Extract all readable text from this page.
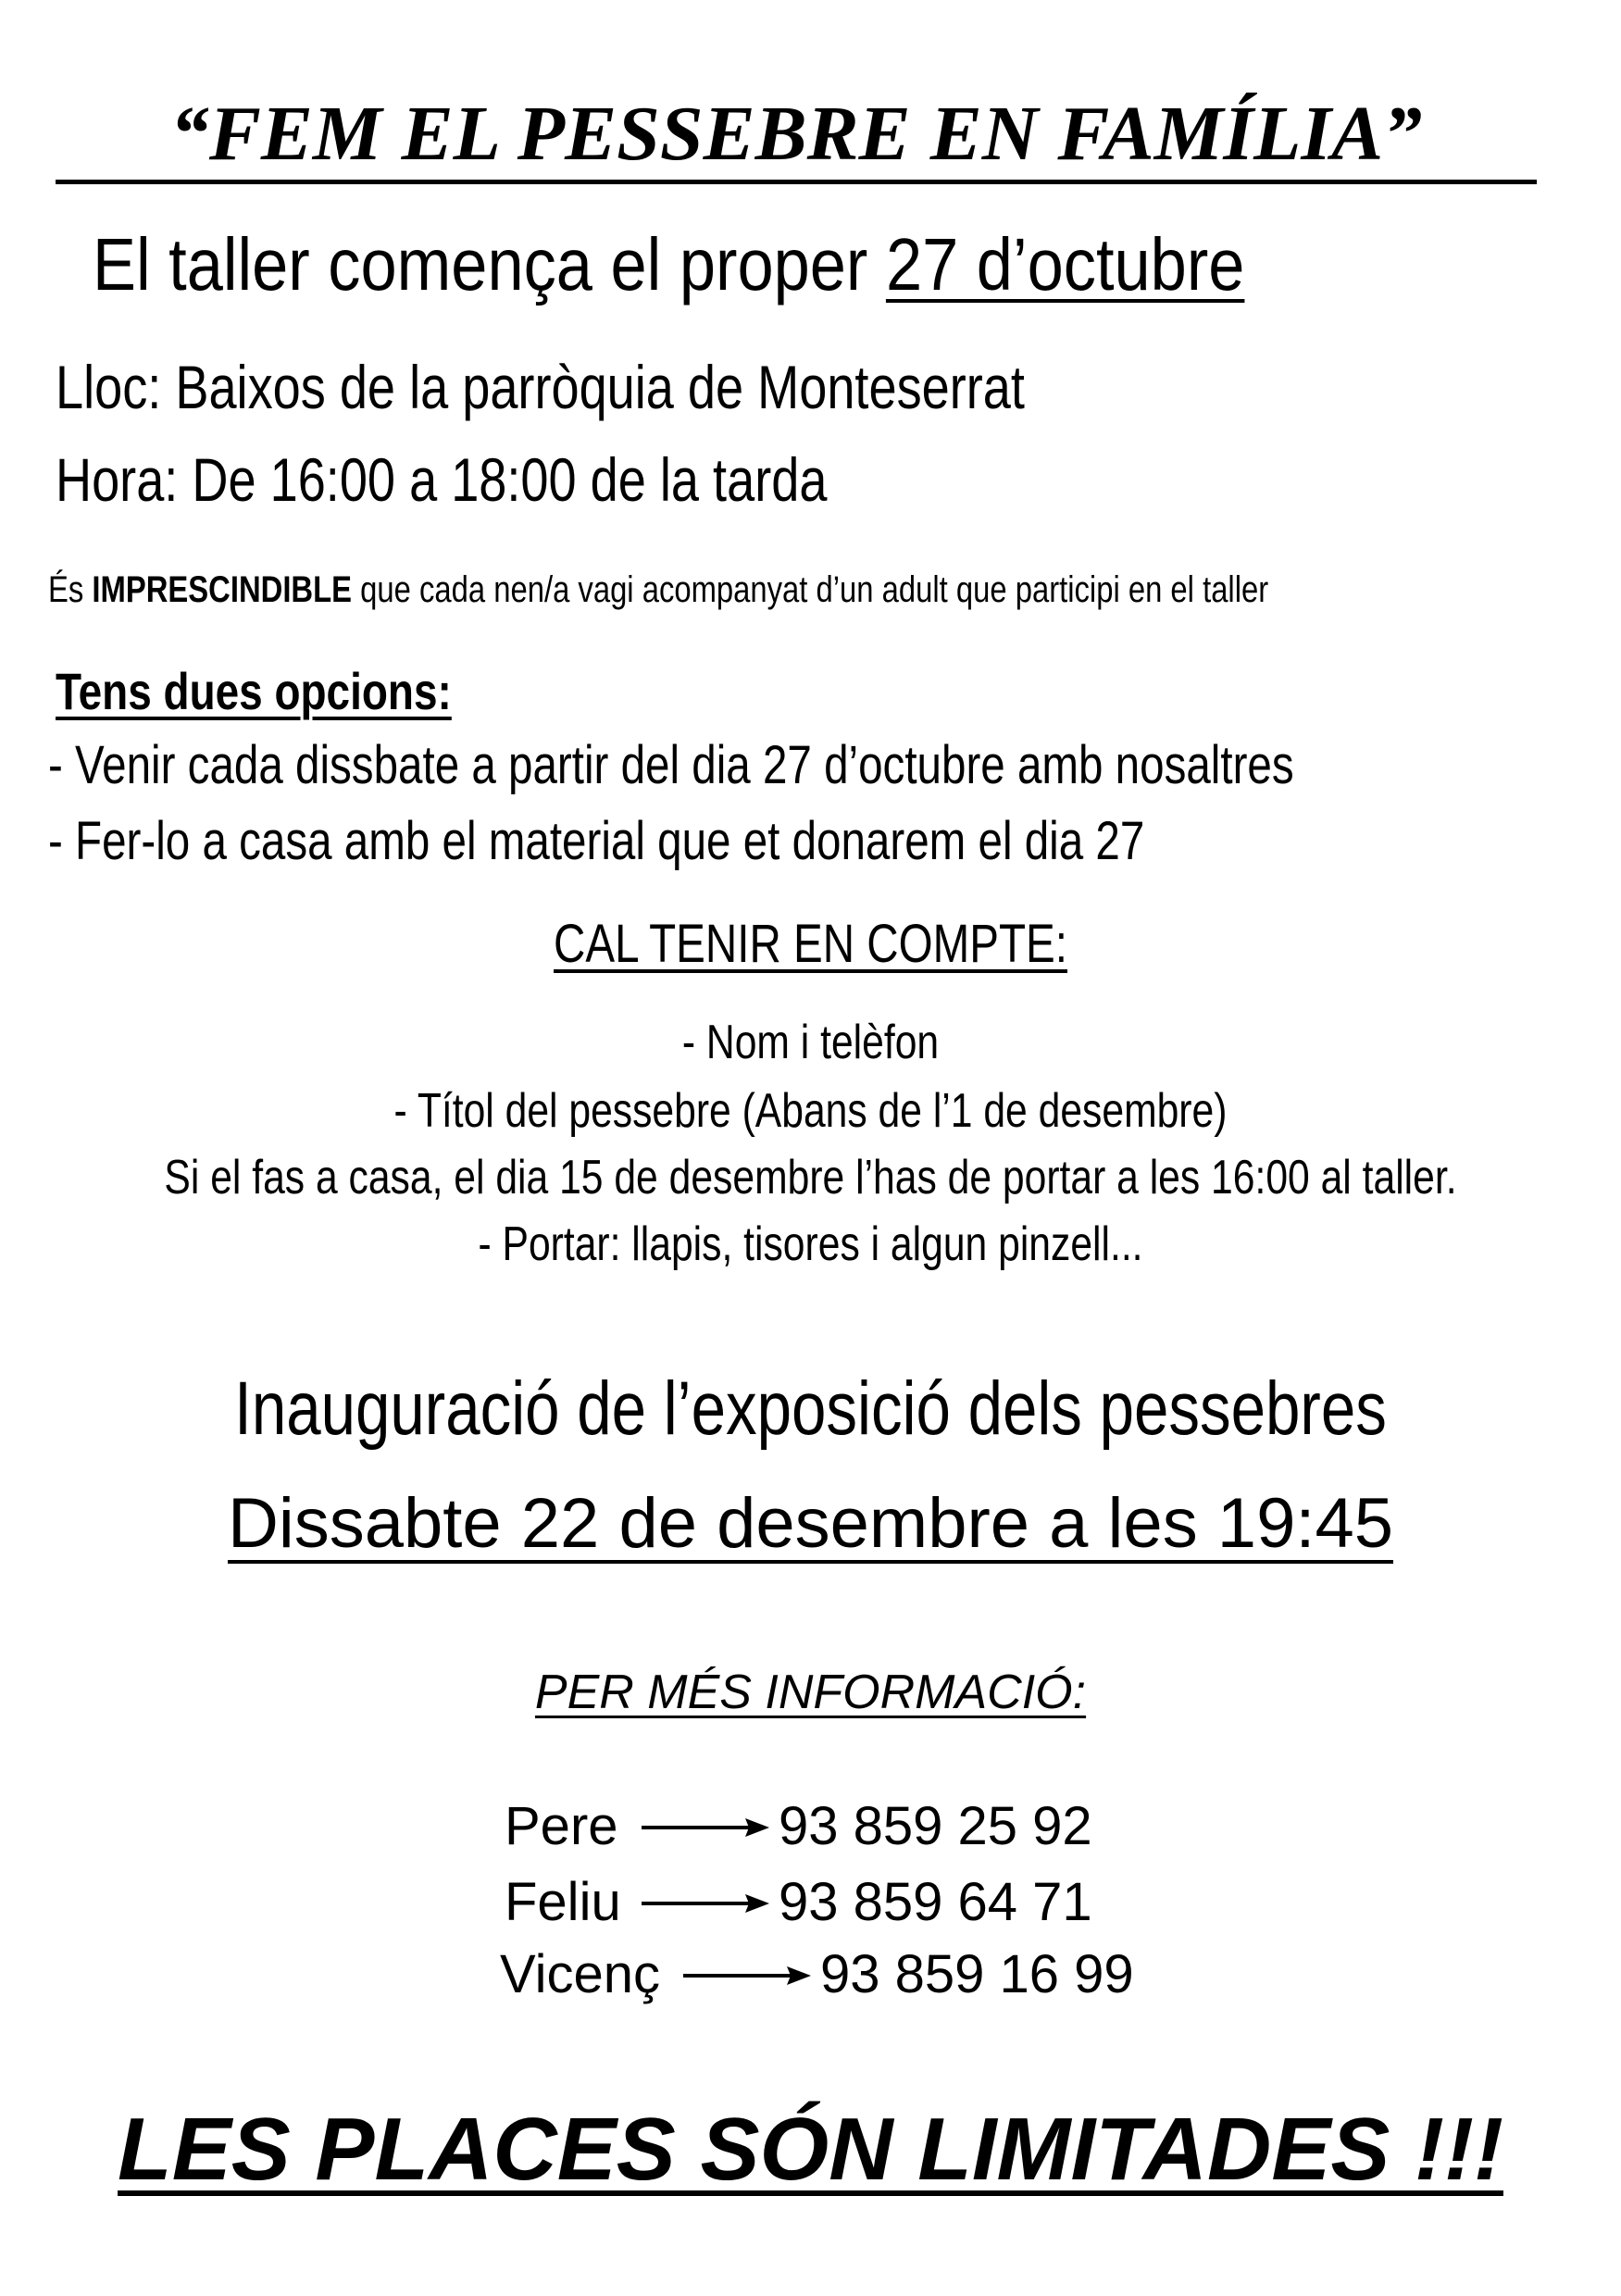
“FEM EL PESSEBRE EN FAMÍLIA”
El taller comença el proper 27 d’octubre
Lloc: Baixos de la parròquia de Monteserrat
Hora: De 16:00 a 18:00 de la tarda
És IMPRESCINDIBLE que cada nen/a vagi acompanyat d’un adult que participi en el taller
Tens dues opcions:
- Venir cada dissbate a partir del dia 27 d’octubre amb nosaltres
- Fer-lo a casa amb el material que et donarem el dia 27
CAL TENIR EN COMPTE:
- Nom i telèfon
- Títol del pessebre (Abans de l’1 de desembre)
Si el fas a casa, el dia 15 de desembre l’has de portar a les 16:00 al taller.
- Portar: llapis, tisores i algun pinzell...
Inauguració de l’exposició dels pessebres
Dissabte 22 de desembre a les 19:45
PER MÉS INFORMACIÓ:
Pere	93 859 25 92
Feliu	93 859 64 71
Vicenç	93 859 16 99
LES PLACES SÓN LIMITADES !!!
